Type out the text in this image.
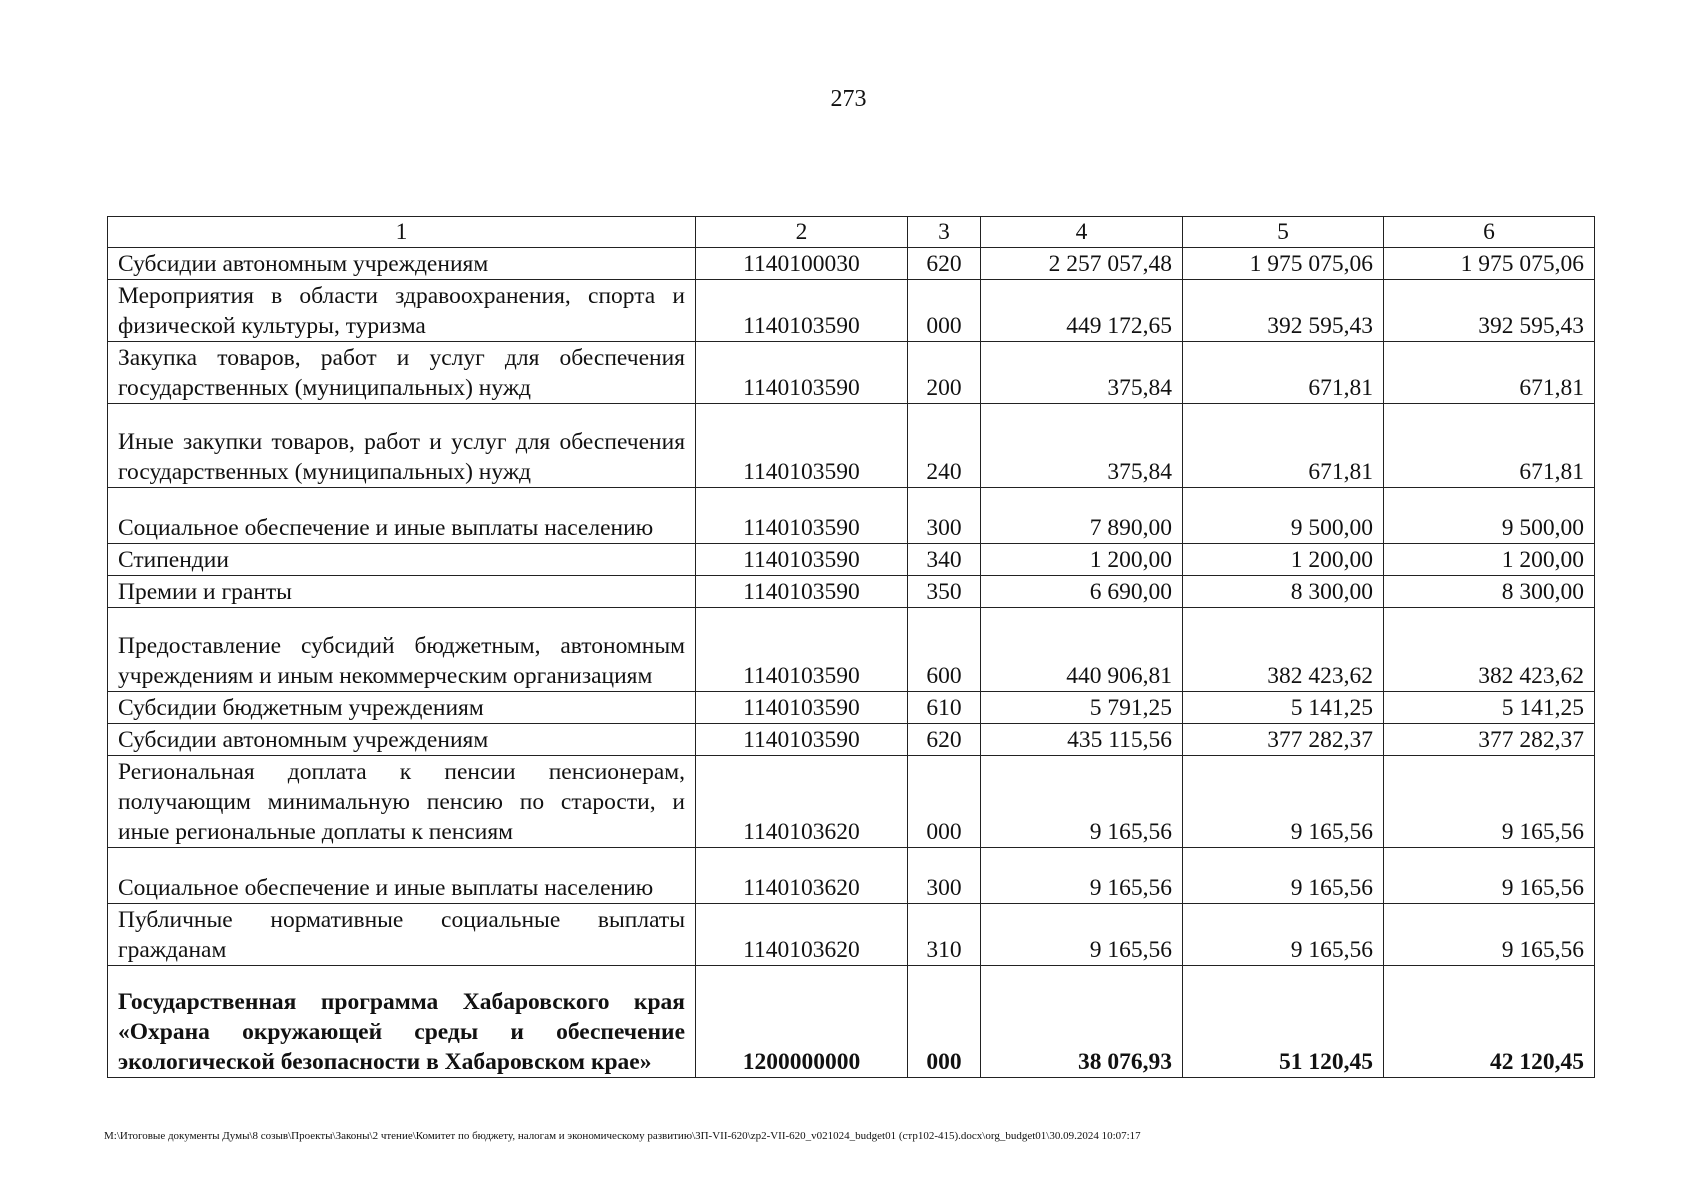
273
1	2	3	4	5	6
Субсидии автономным учреждениям	1140100030	620	2 257 057,48	1 975 075,06	1 975 075,06
Мероприятия в области здравоохранения, спорта и физической культуры, туризма	1140103590	000	449 172,65	392 595,43	392 595,43
Закупка товаров, работ и услуг для обеспечения государственных (муниципальных) нужд	1140103590	200	375,84	671,81	671,81
Иные закупки товаров, работ и услуг для обеспечения государственных (муниципальных) нужд	1140103590	240	375,84	671,81	671,81
Социальное обеспечение и иные выплаты населению	1140103590	300	7 890,00	9 500,00	9 500,00
Стипендии	1140103590	340	1 200,00	1 200,00	1 200,00
Премии и гранты	1140103590	350	6 690,00	8 300,00	8 300,00
Предоставление субсидий бюджетным, автономным учреждениям и иным некоммерческим организациям	1140103590	600	440 906,81	382 423,62	382 423,62
Субсидии бюджетным учреждениям	1140103590	610	5 791,25	5 141,25	5 141,25
Субсидии автономным учреждениям	1140103590	620	435 115,56	377 282,37	377 282,37
Региональная доплата к пенсии пенсионерам, получающим минимальную пенсию по старости, и иные региональные доплаты к пенсиям	1140103620	000	9 165,56	9 165,56	9 165,56
Социальное обеспечение и иные выплаты населению	1140103620	300	9 165,56	9 165,56	9 165,56
Публичные нормативные социальные выплаты гражданам	1140103620	310	9 165,56	9 165,56	9 165,56
Государственная программа Хабаровского края «Охрана окружающей среды и обеспечение экологической безопасности в Хабаровском крае»	1200000000	000	38 076,93	51 120,45	42 120,45
M:\Итоговые документы Думы\8 созыв\Проекты\Законы\2 чтение\Комитет по бюджету, налогам и экономическому развитию\ЗП-VII-620\zp2-VII-620_v021024_budget01 (стр102-415).docx\org_budget01\30.09.2024 10:07:17
